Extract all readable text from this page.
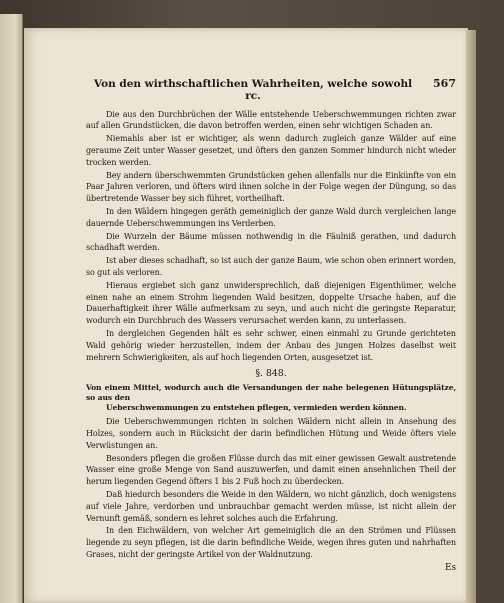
Von den wirthschaftlichen Wahrheiten, welche sowohl rc.
567

Die aus den Durchbrüchen der Wälle entstehende Ueberschwemmungen richten zwar auf allen Grundstücken, die davon betroffen werden, einen sehr wichtigen Schaden an.

Niemahls aber ist er wichtiger, als wenn dadurch zugleich ganze Wälder auf eine geraume Zeit unter Wasser gesetzet, und öfters den ganzen Sommer hindurch nicht wieder trocken werden.

Bey andern überschwemmten Grundstücken gehen allenfalls nur die Einkünfte von ein Paar Jahren verloren, und öfters wird ihnen solche in der Folge wegen der Düngung, so das übertretende Wasser bey sich führet, vortheilhaft.

In den Wäldern hingegen geräth gemeiniglich der ganze Wald durch vergleichen lange dauernde Ueberschwemmungen ins Verderben.

Die Wurzeln der Bäume müssen nothwendig in die Fäulniß gerathen, und dadurch schadhaft werden.

Ist aber dieses schadhaft, so ist auch der ganze Baum, wie schon oben erinnert worden, so gut als verloren.

Hieraus ergiebet sich ganz unwidersprechlich, daß diejenigen Eigenthümer, welche einen nahe an einem Strohm liegenden Wald besitzen, doppelte Ursache haben, auf die Dauerhaftigkeit ihrer Wälle aufmerksam zu seyn, und auch nicht die geringste Reparatur, wodurch ein Durchbruch des Wassers verursachet werden kann, zu unterlassen.

In dergleichen Gegenden hält es sehr schwer, einen einmahl zu Grunde gerichteten Wald gehörig wieder herzustellen, indem der Anbau des jungen Holzes daselbst weit mehrern Schwierigkeiten, als auf hoch liegenden Orten, ausgesetzet ist.

§. 848.
Von einem Mittel, wodurch auch die Versandungen der nahe belegenen Hütungsplätze, so aus den
Ueberschwemmungen zu entstehen pflegen, vermieden werden können.

Die Ueberschwemmungen richten in solchen Wäldern nicht allein in Ansehung des Holzes, sondern auch in Rücksicht der darin befindlichen Hütung und Weide öfters viele Verwüstungen an.

Besonders pflegen die großen Flüsse durch das mit einer gewissen Gewalt austretende Wasser eine große Menge von Sand auszuwerfen, und damit einen ansehnlichen Theil der herum liegenden Gegend öfters 1 bis 2 Fuß hoch zu überdecken.

Daß hiedurch besonders die Weide in den Wäldern, wo nicht gänzlich, doch wenigstens auf viele Jahre, verdorben und unbrauchbar gemacht werden müsse, ist nicht allein der Vernunft gemäß, sondern es lehret solches auch die Erfahrung.

In den Eichwäldern, von welcher Art gemeiniglich die an den Strömen und Flüssen liegende zu seyn pflegen, ist die darin befindliche Weide, wegen ihres guten und nahrhaften Grases, nicht der geringste Artikel von der Waldnutzung.

Es
